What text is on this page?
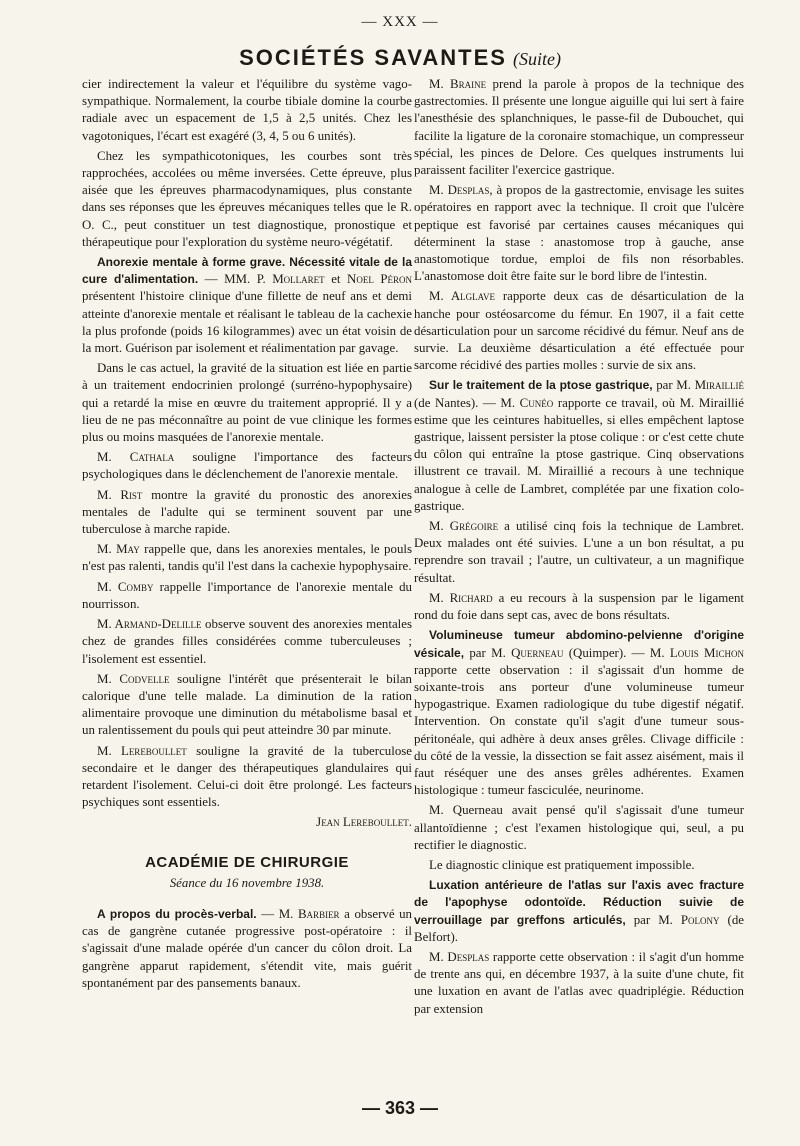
— XXX —
SOCIÉTÉS SAVANTES (Suite)

cier indirectement la valeur et l'équilibre du système vago-sympathique. Normalement, la courbe tibiale domine la courbe radiale avec un espacement de 1,5 à 2,5 unités. Chez les vagotoniques, l'écart est exagéré (3, 4, 5 ou 6 unités).

Chez les sympathicotoniques, les courbes sont très rapprochées, accolées ou même inversées. Cette épreuve, plus aisée que les épreuves pharmacodynamiques, plus constante dans ses réponses que les épreuves mécaniques telles que le R. O. C., peut constituer un test diagnostique, pronostique et thérapeutique pour l'exploration du système neuro-végétatif.

Anorexie mentale à forme grave. Nécessité vitale de la cure d'alimentation. — MM. P. Mollaret et Noel Péron présentent l'histoire clinique d'une fillette de neuf ans et demi atteinte d'anorexie mentale et réalisant le tableau de la cachexie la plus profonde (poids 16 kilogrammes) avec un état voisin de la mort. Guérison par isolement et réalimentation par gavage.

Dans le cas actuel, la gravité de la situation est liée en partie à un traitement endocrinien prolongé (surréno-hypophysaire) qui a retardé la mise en œuvre du traitement approprié. Il y a lieu de ne pas méconnaître au point de vue clinique les formes plus ou moins masquées de l'anorexie mentale.

M. Cathala souligne l'importance des facteurs psychologiques dans le déclenchement de l'anorexie mentale.

M. Rist montre la gravité du pronostic des anorexies mentales de l'adulte qui se terminent souvent par une tuberculose à marche rapide.

M. May rappelle que, dans les anorexies mentales, le pouls n'est pas ralenti, tandis qu'il l'est dans la cachexie hypophysaire.

M. Comby rappelle l'importance de l'anorexie mentale du nourrisson.

M. Armand-Delille observe souvent des anorexies mentales chez de grandes filles considérées comme tuberculeuses ; l'isolement est essentiel.

M. Codvelle souligne l'intérêt que présenterait le bilan calorique d'une telle malade. La diminution de la ration alimentaire provoque une diminution du métabolisme basal et un ralentissement du pouls qui peut atteindre 30 par minute.

M. Lereboullet souligne la gravité de la tuberculose secondaire et le danger des thérapeutiques glandulaires qui retardent l'isolement. Celui-ci doit être prolongé. Les facteurs psychiques sont essentiels.

Jean Lereboullet.
ACADÉMIE DE CHIRURGIE
Séance du 16 novembre 1938.

A propos du procès-verbal. — M. Barbier a observé un cas de gangrène cutanée progressive post-opératoire : il s'agissait d'une malade opérée d'un cancer du côlon droit. La gangrène apparut rapidement, s'étendit vite, mais guérit spontanément par des pansements banaux.

M. Braine prend la parole à propos de la technique des gastrectomies. Il présente une longue aiguille qui lui sert à faire l'anesthésie des splanchniques, le passe-fil de Dubouchet, qui facilite la ligature de la coronaire stomachique, un compresseur spécial, les pinces de Delore. Ces quelques instruments lui paraissent faciliter l'exercice gastrique.

M. Desplas, à propos de la gastrectomie, envisage les suites opératoires en rapport avec la technique. Il croit que l'ulcère peptique est favorisé par certaines causes mécaniques qui déterminent la stase : anastomose trop à gauche, anse anastomotique tordue, emploi de fils non résorbables. L'anastomose doit être faite sur le bord libre de l'intestin.

M. Alglave rapporte deux cas de désarticulation de la hanche pour ostéosarcome du fémur. En 1907, il a fait cette désarticulation pour un sarcome récidivé du fémur. Neuf ans de survie. La deuxième désarticulation a été effectuée pour sarcome récidivé des parties molles : survie de six ans.

Sur le traitement de la ptose gastrique, par M. Miraillié (de Nantes). — M. Cunéo rapporte ce travail, où M. Miraillié estime que les ceintures habituelles, si elles empêchent laptose gastrique, laissent persister la ptose colique : or c'est cette chute du côlon qui entraîne la ptose gastrique. Cinq observations illustrent ce travail. M. Miraillié a recours à une technique analogue à celle de Lambret, complétée par une fixation colo-gastrique.

M. Grégoire a utilisé cinq fois la technique de Lambret. Deux malades ont été suivies. L'une a un bon résultat, a pu reprendre son travail ; l'autre, un cultivateur, a un magnifique résultat.

M. Richard a eu recours à la suspension par le ligament rond du foie dans sept cas, avec de bons résultats.

Volumineuse tumeur abdomino-pelvienne d'origine vésicale, par M. Querneau (Quimper). — M. Louis Michon rapporte cette observation : il s'agissait d'un homme de soixante-trois ans porteur d'une volumineuse tumeur hypogastrique. Examen radiologique du tube digestif négatif. Intervention. On constate qu'il s'agit d'une tumeur sous-péritonéale, qui adhère à deux anses grêles. Clivage difficile : du côté de la vessie, la dissection se fait assez aisément, mais il faut réséquer une des anses grêles adhérentes. Examen histologique : tumeur fasciculée, neurinome.

M. Querneau avait pensé qu'il s'agissait d'une tumeur allantoïdienne ; c'est l'examen histologique qui, seul, a pu rectifier le diagnostic.

Le diagnostic clinique est pratiquement impossible.

Luxation antérieure de l'atlas sur l'axis avec fracture de l'apophyse odontoïde. Réduction suivie de verrouillage par greffons articulés, par M. Polony (de Belfort).

M. Desplas rapporte cette observation : il s'agit d'un homme de trente ans qui, en décembre 1937, à la suite d'une chute, fit une luxation en avant de l'atlas avec quadriplégie. Réduction par extension

— 363 —
